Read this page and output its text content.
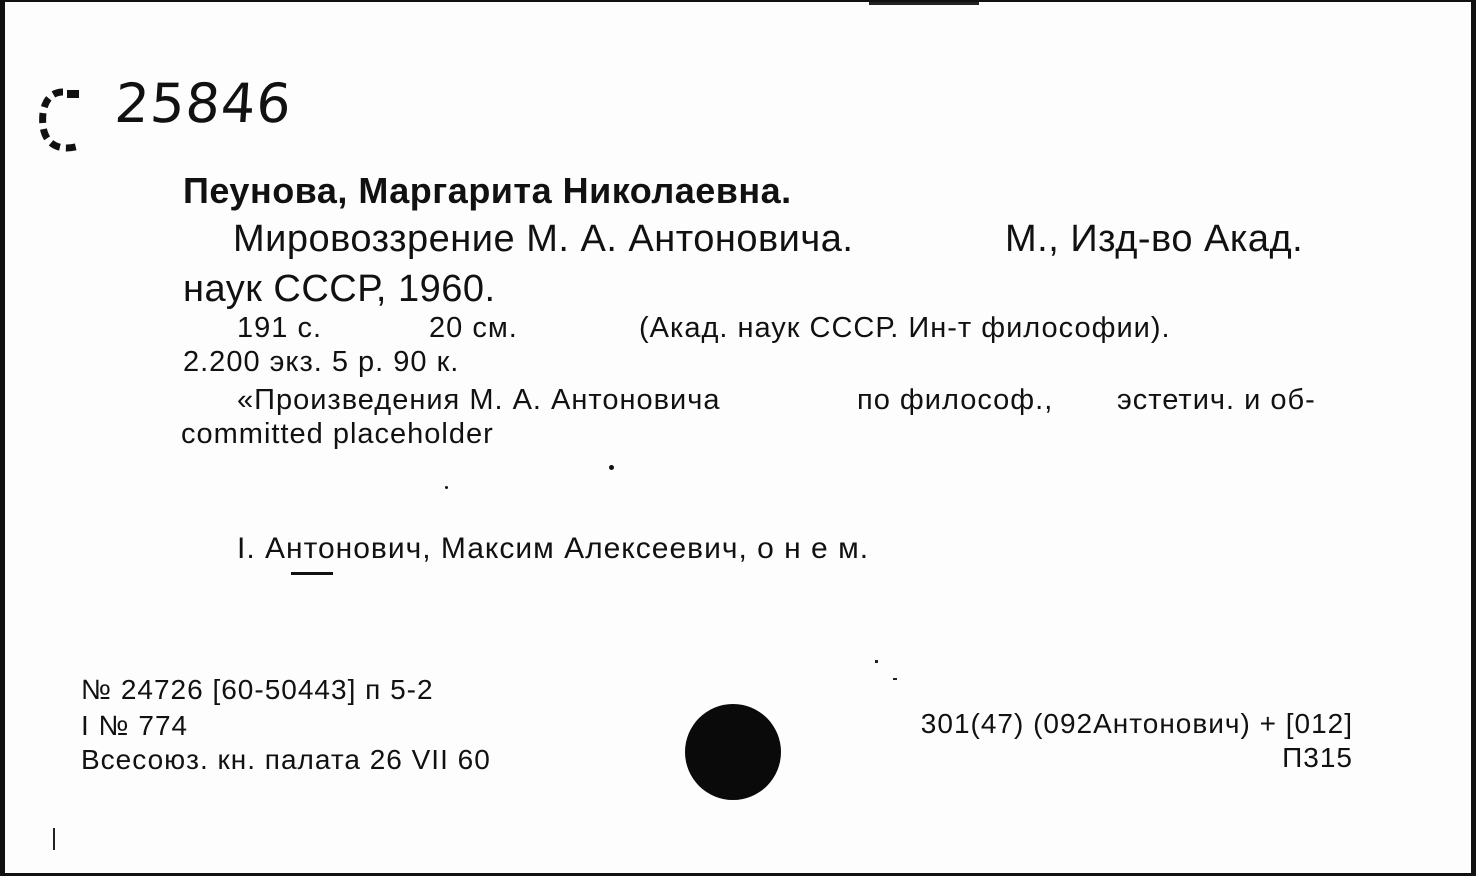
25846
Пеунова, Маргарита Николаевна.
Мировоззрение М. А. Антоновича.	М., Изд-во Акад.
наук СССР, 1960.
191 с.	20 см.	(Акад. наук СССР. Ин-т философии).
2.200 экз. 5 р. 90 к.
«Произведения М. А. Антоновича	по философ., эстетич. и об-
committed placeholder
I. Антонович, Максим Алексеевич, о н е м.
№ 24726 [60-50443] п 5-2
I № 774
Всесоюз. кн. палата 26 VII 60
301(47) (092Антонович) + [012]
П315
